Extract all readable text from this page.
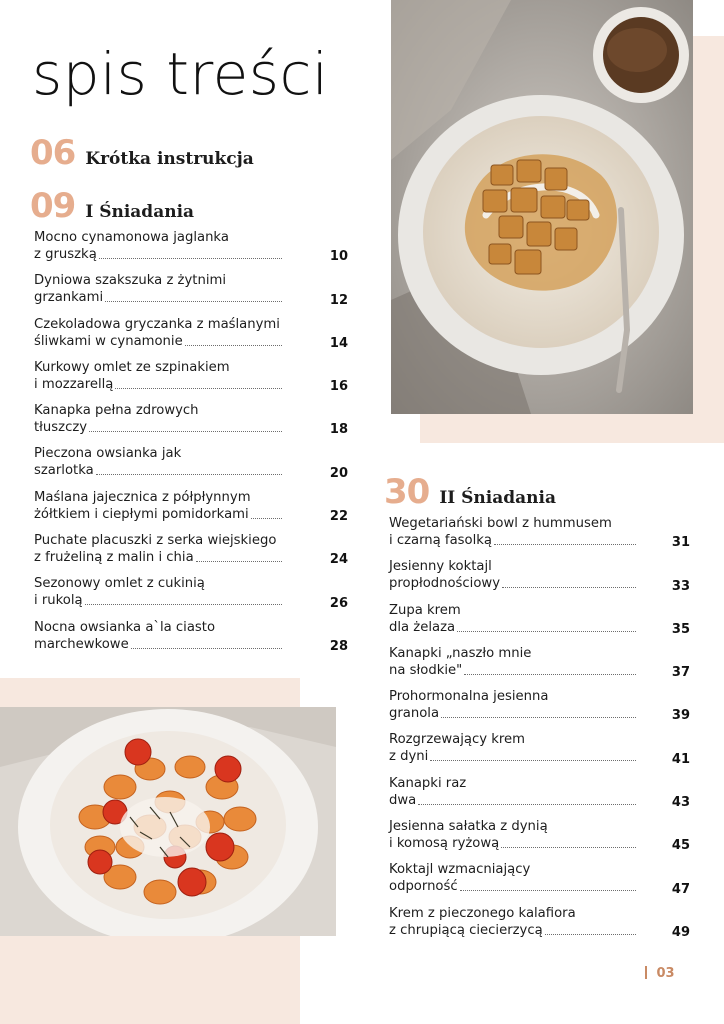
spis treści
06 Krótka instrukcja
09 I Śniadania
Mocno cynamonowa jaglanka
z gruszką	10
Dyniowa szakszuka z żytnimi
grzankami	12
Czekoladowa gryczanka z maślanymi
śliwkami w cynamonie	14
Kurkowy omlet ze szpinakiem
i mozzarellą	16
Kanapka pełna zdrowych
tłuszczy	18
Pieczona owsianka jak
szarlotka	20
Maślana jajecznica z półpłynnym
żółtkiem i ciepłymi pomidorkami	22
Puchate placuszki z serka wiejskiego
z frużeliną z malin i chia	24
Sezonowy omlet z cukinią
i rukolą	26
Nocna owsianka a`la ciasto
marchewkowe	28
30 II Śniadania
Wegetariański bowl z hummusem
i czarną fasolką	31
Jesienny koktajl
propłodnościowy	33
Zupa krem
dla żelaza	35
Kanapki „naszło mnie
na słodkie"	37
Prohormonalna jesienna
granola	39
Rozgrzewający krem
z dyni	41
Kanapki raz
dwa	43
Jesienna sałatka z dynią
i komosą ryżową	45
Koktajl wzmacniający
odporność	47
Krem z pieczonego kalafiora
z chrupiącą ciecierzycą	49
03
